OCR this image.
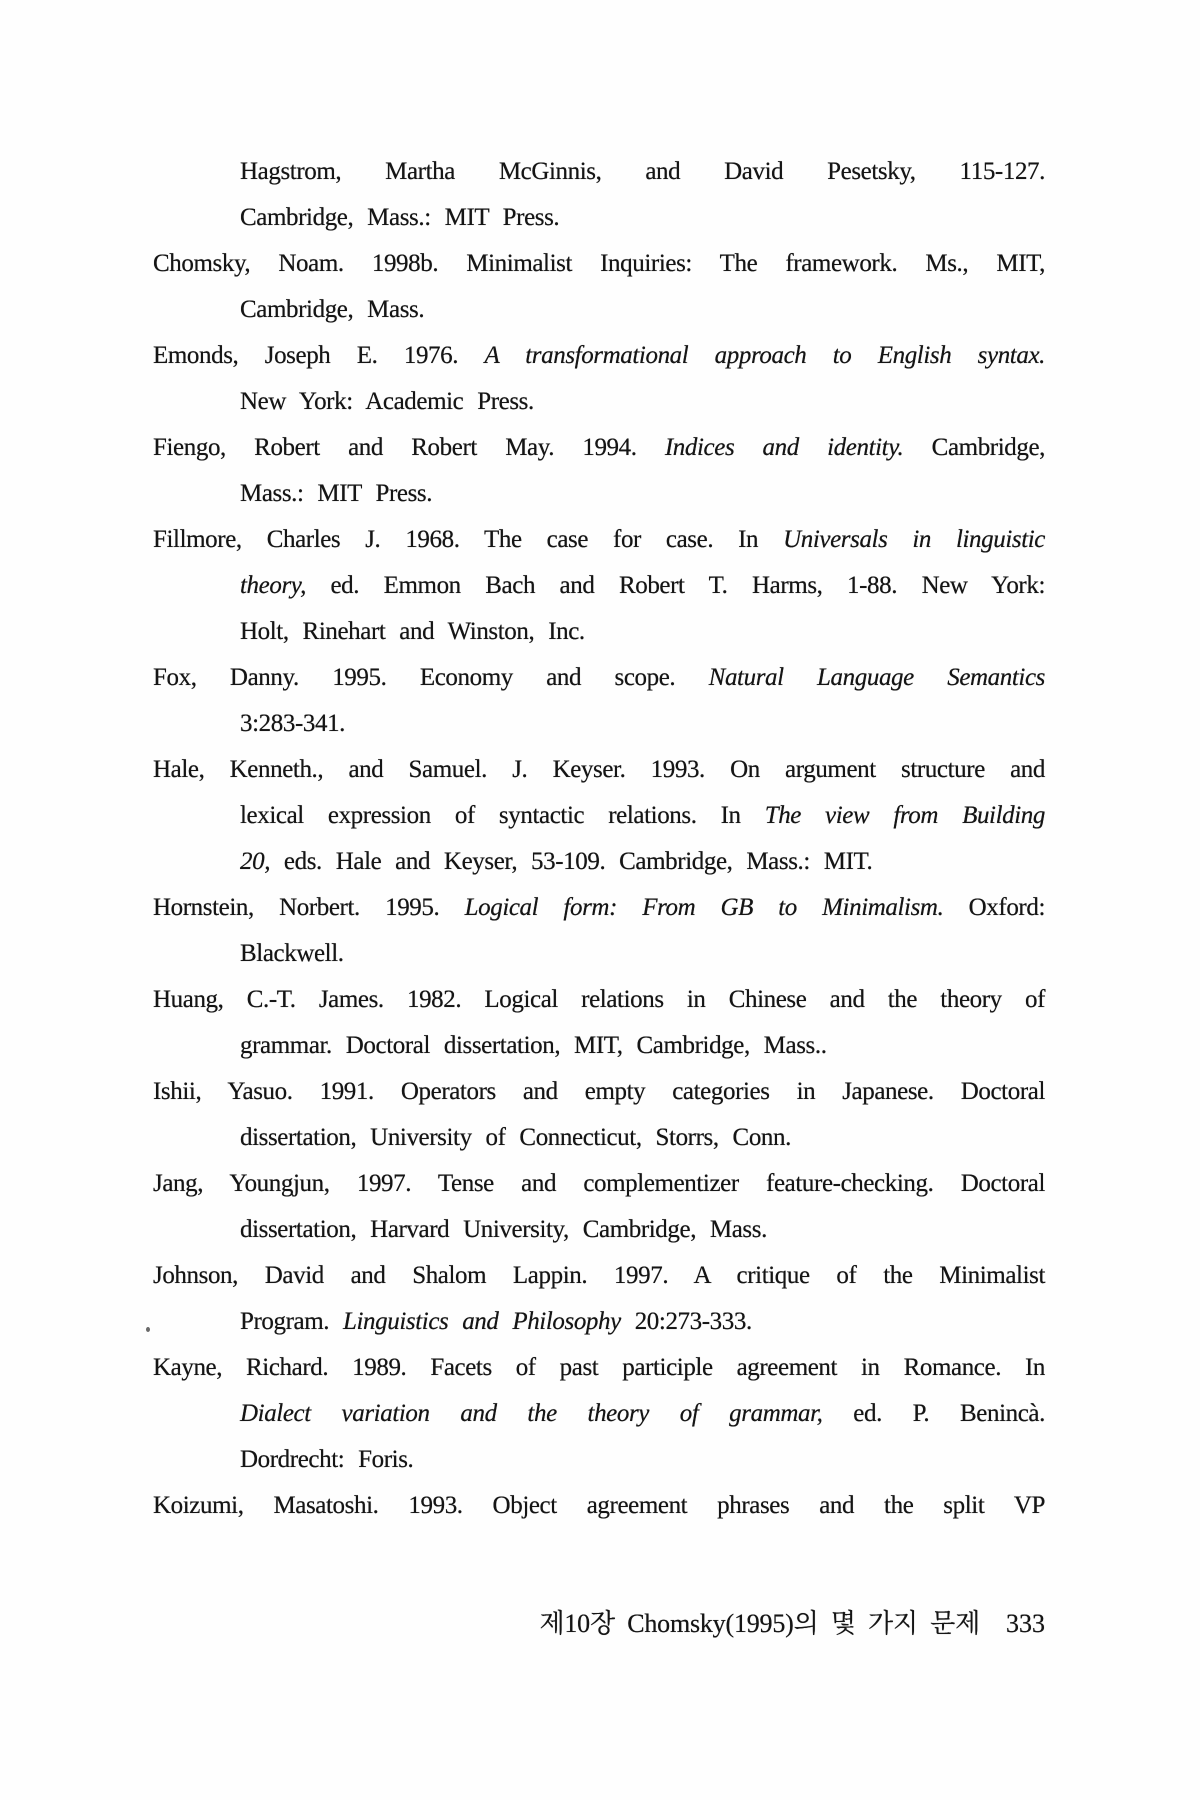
Hagstrom, Martha McGinnis, and David Pesetsky, 115-127.
Cambridge, Mass.: MIT Press.
Chomsky, Noam. 1998b. Minimalist Inquiries: The framework. Ms., MIT,
Cambridge, Mass.
Emonds, Joseph E. 1976. A transformational approach to English syntax.
New York: Academic Press.
Fiengo, Robert and Robert May. 1994. Indices and identity. Cambridge,
Mass.: MIT Press.
Fillmore, Charles J. 1968. The case for case. In Universals in linguistic
theory, ed. Emmon Bach and Robert T. Harms, 1-88. New York:
Holt, Rinehart and Winston, Inc.
Fox, Danny. 1995. Economy and scope. Natural Language Semantics
3:283-341.
Hale, Kenneth., and Samuel. J. Keyser. 1993. On argument structure and
lexical expression of syntactic relations. In The view from Building
20, eds. Hale and Keyser, 53-109. Cambridge, Mass.: MIT.
Hornstein, Norbert. 1995. Logical form: From GB to Minimalism. Oxford:
Blackwell.
Huang, C.-T. James. 1982. Logical relations in Chinese and the theory of
grammar. Doctoral dissertation, MIT, Cambridge, Mass..
Ishii, Yasuo. 1991. Operators and empty categories in Japanese. Doctoral
dissertation, University of Connecticut, Storrs, Conn.
Jang, Youngjun, 1997. Tense and complementizer feature-checking. Doctoral
dissertation, Harvard University, Cambridge, Mass.
Johnson, David and Shalom Lappin. 1997. A critique of the Minimalist
Program. Linguistics and Philosophy 20:273-333.
Kayne, Richard. 1989. Facets of past participle agreement in Romance. In
Dialect variation and the theory of grammar, ed. P. Benincà.
Dordrecht: Foris.
Koizumi, Masatoshi. 1993. Object agreement phrases and the split VP
제10장 Chomsky(1995)의 몇 가지 문제 333
